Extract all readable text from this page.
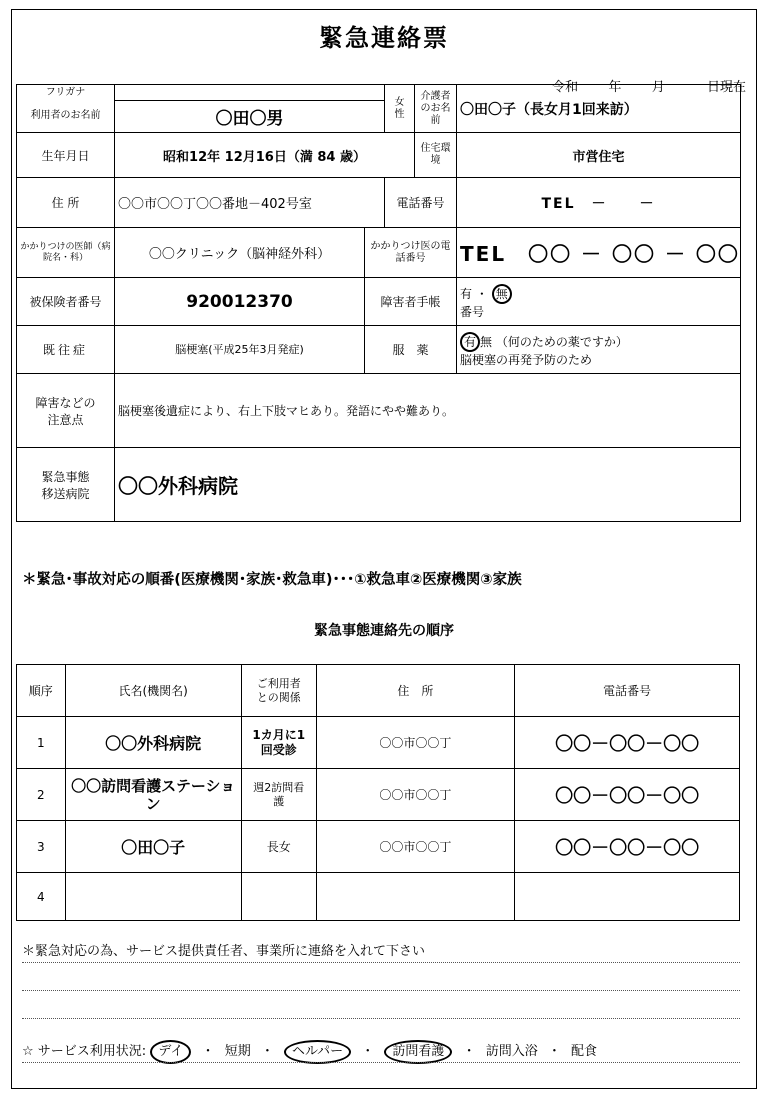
緊急連絡票
令和 年 月	日現在
フリガナ			女性	介護者のお名前	〇田〇子（長女月1回来訪）
利用者のお名前	〇田〇男				
生年月日	昭和12年 12月16日（満 84 歳）			住宅環境	市営住宅
住 所	〇〇市〇〇丁〇〇番地－402号室		電話番号		TEL　－　　－
かかりつけの医師（病院名・科）	〇〇クリニック（脳神経外科）	かかりつけ医の電話番号			TEL　〇〇 － 〇〇 － 〇〇
被保険者番号	920012370	障害者手帳			有 ・ 無
番号
既往症	脳梗塞(平成25年3月発症)	服　薬			有 無 （何のための薬ですか）
脳梗塞の再発予防のため

障害などの注意点	脳梗塞後遺症により、右上下肢マヒあり。発語にやや難あり。				

緊急事態移送病院	〇〇外科病院				
＊緊急･事故対応の順番(医療機関･家族･救急車)･･･①救急車②医療機関③家族
緊急事態連絡先の順序
順序	氏名(機関名)	ご利用者との関係	住　所	電話番号
1	〇〇外科病院	1カ月に1回受診	〇〇市〇〇丁	〇〇－〇〇－〇〇
2	〇〇訪問看護ステーション	週2訪問看護	〇〇市〇〇丁	〇〇－〇〇－〇〇
3	〇田〇子	長女	〇〇市〇〇丁	〇〇－〇〇－〇〇
4				
＊緊急対応の為、サービス提供責任者、事業所に連絡を入れて下さい
☆ サービス利用状況: デイ ・ 短期 ・ ヘルパー ・ 訪問看護 ・ 訪問入浴 ・ 配食
